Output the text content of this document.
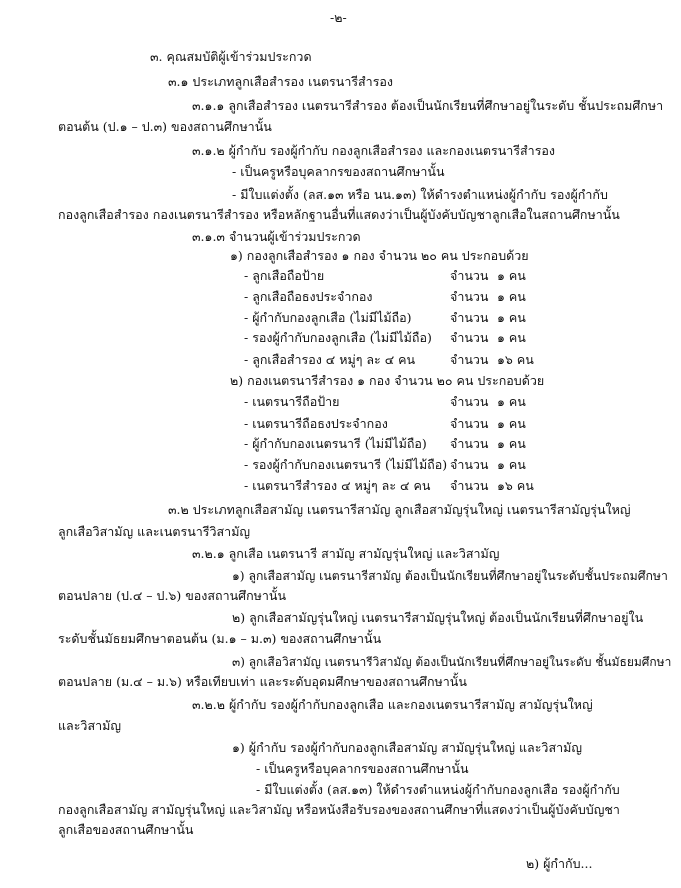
-๒-
๓. คุณสมบัติผู้เข้าร่วมประกวด
๓.๑ ประเภทลูกเสือสำรอง เนตรนารีสำรอง
๓.๑.๑ ลูกเสือสำรอง เนตรนารีสำรอง ต้องเป็นนักเรียนที่ศึกษาอยู่ในระดับ ชั้นประถมศึกษา
ตอนต้น (ป.๑ – ป.๓) ของสถานศึกษานั้น
๓.๑.๒ ผู้กำกับ รองผู้กำกับ กองลูกเสือสำรอง และกองเนตรนารีสำรอง
- เป็นครูหรือบุคลากรของสถานศึกษานั้น
- มีใบแต่งตั้ง (ลส.๑๓ หรือ นน.๑๓) ให้ดำรงตำแหน่งผู้กำกับ รองผู้กำกับ
กองลูกเสือสำรอง กองเนตรนารีสำรอง หรือหลักฐานอื่นที่แสดงว่าเป็นผู้บังคับบัญชาลูกเสือในสถานศึกษานั้น
๓.๑.๓ จำนวนผู้เข้าร่วมประกวด
๑) กองลูกเสือสำรอง ๑ กอง จำนวน ๒๐ คน ประกอบด้วย
- ลูกเสือถือป้าย
- ลูกเสือถือธงประจำกอง
- ผู้กำกับกองลูกเสือ (ไม่มีไม้ถือ)
- รองผู้กำกับกองลูกเสือ (ไม่มีไม้ถือ)
- ลูกเสือสำรอง ๔ หมู่ๆ ละ ๔ คน
จำนวน ๑ คน
จำนวน ๑ คน
จำนวน ๑ คน
จำนวน ๑ คน
จำนวน ๑๖ คน
๒) กองเนตรนารีสำรอง ๑ กอง จำนวน ๒๐ คน ประกอบด้วย
- เนตรนารีถือป้าย
- เนตรนารีถือธงประจำกอง
- ผู้กำกับกองเนตรนารี (ไม่มีไม้ถือ)
- รองผู้กำกับกองเนตรนารี (ไม่มีไม้ถือ)
- เนตรนารีสำรอง ๔ หมู่ๆ ละ ๔ คน
จำนวน ๑ คน
จำนวน ๑ คน
จำนวน ๑ คน
จำนวน ๑ คน
จำนวน ๑๖ คน
๓.๒ ประเภทลูกเสือสามัญ เนตรนารีสามัญ ลูกเสือสามัญรุ่นใหญ่ เนตรนารีสามัญรุ่นใหญ่
ลูกเสือวิสามัญ และเนตรนารีวิสามัญ
๓.๒.๑ ลูกเสือ เนตรนารี สามัญ สามัญรุ่นใหญ่ และวิสามัญ
๑) ลูกเสือสามัญ เนตรนารีสามัญ ต้องเป็นนักเรียนที่ศึกษาอยู่ในระดับชั้นประถมศึกษา
ตอนปลาย (ป.๔ – ป.๖) ของสถานศึกษานั้น
๒) ลูกเสือสามัญรุ่นใหญ่ เนตรนารีสามัญรุ่นใหญ่ ต้องเป็นนักเรียนที่ศึกษาอยู่ใน
ระดับชั้นมัธยมศึกษาตอนต้น (ม.๑ – ม.๓) ของสถานศึกษานั้น
๓) ลูกเสือวิสามัญ เนตรนารีวิสามัญ ต้องเป็นนักเรียนที่ศึกษาอยู่ในระดับ ชั้นมัธยมศึกษา
ตอนปลาย (ม.๔ – ม.๖) หรือเทียบเท่า และระดับอุดมศึกษาของสถานศึกษานั้น
๓.๒.๒ ผู้กำกับ รองผู้กำกับกองลูกเสือ และกองเนตรนารีสามัญ สามัญรุ่นใหญ่
และวิสามัญ
๑) ผู้กำกับ รองผู้กำกับกองลูกเสือสามัญ สามัญรุ่นใหญ่ และวิสามัญ
- เป็นครูหรือบุคลากรของสถานศึกษานั้น
- มีใบแต่งตั้ง (ลส.๑๓) ให้ดำรงตำแหน่งผู้กำกับกองลูกเสือ รองผู้กำกับ
กองลูกเสือสามัญ สามัญรุ่นใหญ่ และวิสามัญ หรือหนังสือรับรองของสถานศึกษาที่แสดงว่าเป็นผู้บังคับบัญชา
ลูกเสือของสถานศึกษานั้น
๒) ผู้กำกับ...
